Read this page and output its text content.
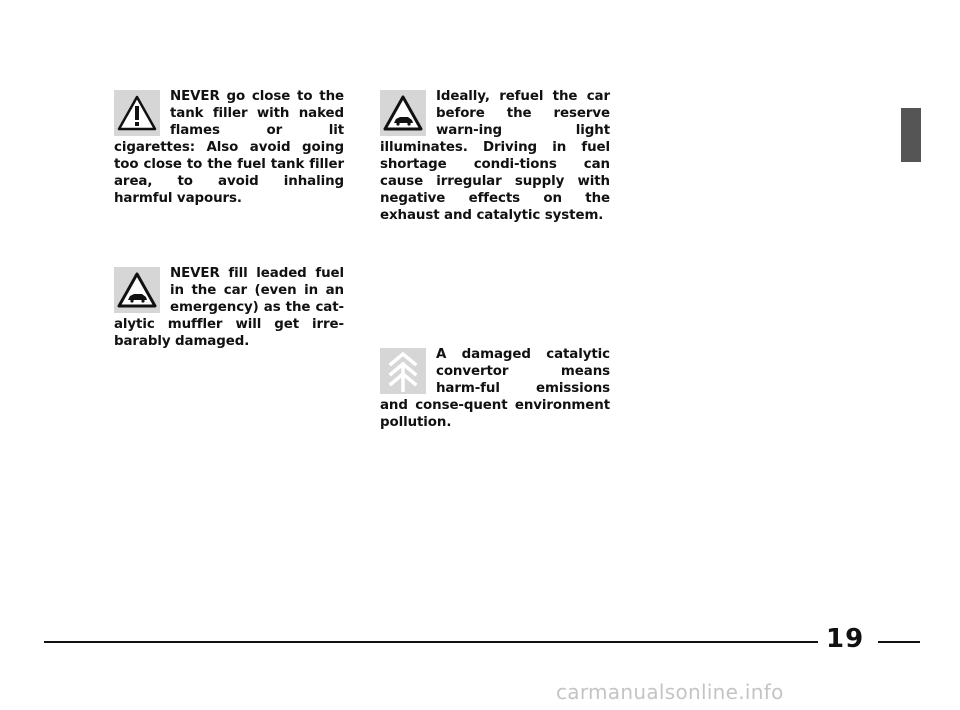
NEVER go close to the tank filler with naked flames or lit cigarettes: Also avoid going too close to the fuel tank filler area, to avoid inhaling harmful vapours.
NEVER fill leaded fuel in the car (even in an emergency) as the cat-alytic muffler will get irre-barably damaged.
Ideally, refuel the car before the reserve warn-ing light illuminates. Driving in fuel shortage condi-tions can cause irregular supply with negative effects on the exhaust and catalytic system.
A damaged catalytic convertor means harm-ful emissions and conse-quent environment pollution.
19
carmanualsonline.info
